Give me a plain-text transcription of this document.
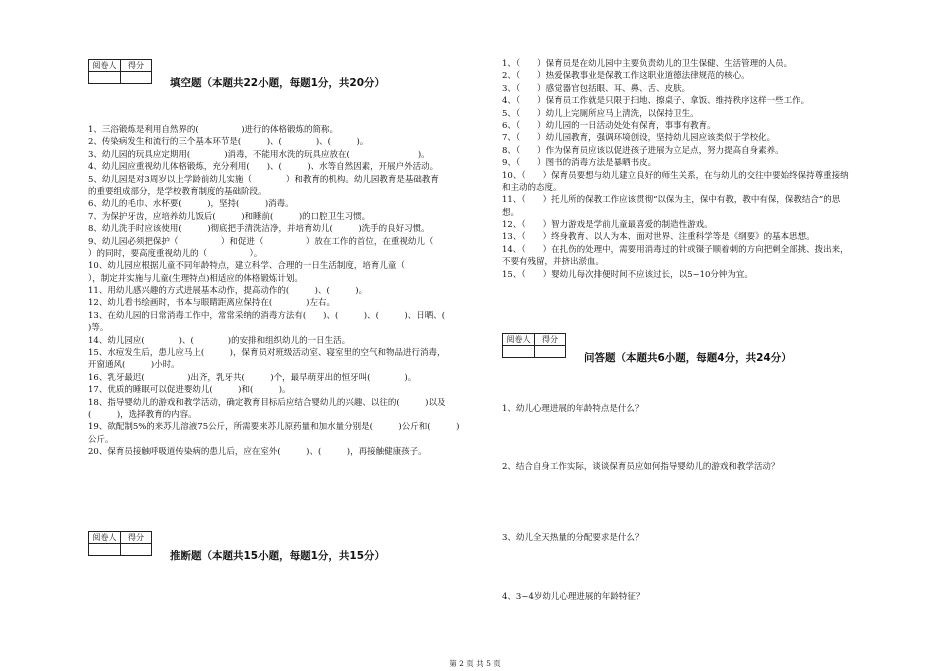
阅卷人	得分

填空题（本题共22小题，每题1分，共20分）
1、三浴锻炼是利用自然界的(　　　　　)进行的体格锻炼的简称。
2、传染病发生和流行的三个基本环节是(　　　)、(　　　　)、(　　　)。
3、幼儿园的玩具应定期用(　　　　)消毒，不能用水洗的玩具应放在(　　　　　　　　)。
4、幼儿园应重视幼儿体格锻炼，充分利用(　　)、(　　　)、水等自然因素，开展户外活动。
5、幼儿园是对3周岁以上学龄前幼儿实施（　　　　）和教育的机构。幼儿园教育是基础教育
的重要组成部分，是学校教育制度的基础阶段。
6、幼儿的毛巾、水杯要(　　　)，坚持(　　　)消毒。
7、为保护牙齿，应培养幼儿饭后(　　　)和睡前(　　　)的口腔卫生习惯。
8、幼儿洗手时应该使用(　　　)彻底把手清洗洁净，并培育幼儿(　　　)洗手的良好习惯。
9、幼儿园必须把保护（　　　　　）和促进（　　　　　）放在工作的首位，在重视幼儿（
）的同时，要高度重视幼儿的（　　　　　）。
10、幼儿园应根据儿童不同年龄特点，建立科学、合理的一日生活制度，培育儿童（
），制定并实施与儿童(生理特点)相适应的体格锻炼计划。
11、用幼儿感兴趣的方式进展基本动作，提高动作的(　　　)、(　　　)。
12、幼儿看书绘画时，书本与眼睛距离应保持在(　　　　)左右。
13、在幼儿园的日常消毒工作中，常常采纳的消毒方法有(　　)、(　　　)、(　　　)、日晒、(
)等。
14、幼儿园应(　　　　)、(　　　　)的安排和组织幼儿的一日生活。
15、水痘发生后，患儿应马上(　　　)，保育员对班级活动室、寝室里的空气和物品进行消毒，
开窗通风(　　　)小时。
16、乳牙最迟(　　　　　)出齐，乳牙共(　　　)个，最早萌芽出的恒牙叫(　　　　)。
17、优质的睡眠可以促进婴幼儿(　　　)和(　　　)。
18、指导婴幼儿的游戏和教学活动，确定教育目标后应结合婴幼儿的兴趣、以往的(　　　)以及
(　　　)，选择教育的内容。
19、欲配制5%的来苏儿溶液75公斤，所需要来苏儿原药量和加水量分别是(　　　)公斤和(　　　)
公斤。
20、保育员接触呼吸道传染病的患儿后，应在室外(　　　)、(　　　)，再接触健康孩子。
阅卷人	得分

推断题（本题共15小题，每题1分，共15分）
1、（　　）保育员是在幼儿园中主要负责幼儿的卫生保健、生活管理的人员。
2、（　　）热爱保教事业是保教工作这职业道德法律规范的核心。
3、（　　）感觉器官包括眼、耳、鼻、舌、皮肤。
4、（　　）保育员工作就是只限于扫地、擦桌子、拿饭、维持秩序这样一些工作。
5、（　　）幼儿上完厕所应马上清洗，以保持卫生。
6、（　　）幼儿园的一日活动处处有保育，事事有教育。
7、（　　）幼儿园教育，强调环境创设，坚持幼儿园应该类似于学校化。
8、（　　）作为保育员应该以促进孩子进展为立足点，努力提高自身素养。
9、（　　）图书的消毒方法是暴晒书皮。
10、（　　）保育员要想与幼儿建立良好的师生关系，在与幼儿的交往中要始终保持尊重接纳
和主动的态度。
11、（　　）托儿所的保教工作应该贯彻“以保为主，保中有教，教中有保，保教结合”的思
想。
12、（　　）智力游戏是学前儿童最喜爱的制造性游戏。
13、（　　）终身教育、以人为本、面对世界、注重科学等是《纲要》的基本思想。
14、（　　）在扎伤的处理中，需要用消毒过的针或镊子顺着刺的方向把刺全部挑、拨出来，
不要有残留，并挤出淤血。
15、（　　）婴幼儿每次排便时间不应该过长，以5~10分钟为宜。
阅卷人	得分

问答题（本题共6小题，每题4分，共24分）
1、幼儿心理进展的年龄特点是什么？
2、结合自身工作实际，谈谈保育员应如何指导婴幼儿的游戏和教学活动？
3、幼儿全天热量的分配要求是什么？
4、3~4岁幼儿心理进展的年龄特征？
第 2 页 共 5 页
